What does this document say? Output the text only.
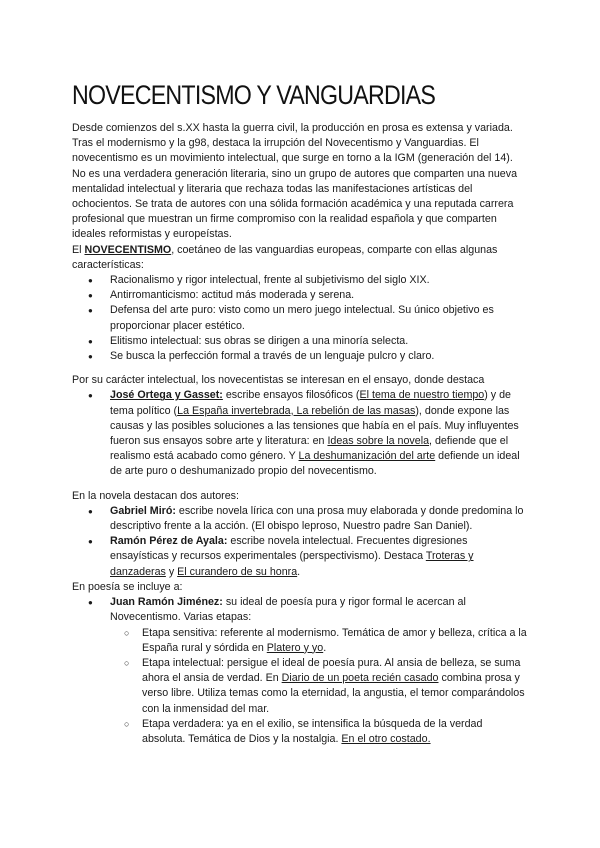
NOVECENTISMO Y VANGUARDIAS

Desde comienzos del s.XX hasta la guerra civil, la producción en prosa es extensa y variada. Tras el modernismo y la g98, destaca la irrupción del Novecentismo y Vanguardias. El novecentismo es un movimiento intelectual, que surge en torno a la IGM (generación del 14). No es una verdadera generación literaria, sino un grupo de autores que comparten una nueva mentalidad intelectual y literaria que rechaza todas las manifestaciones artísticas del ochocientos. Se trata de autores con una sólida formación académica y una reputada carrera profesional que muestran un firme compromiso con la realidad española y que comparten ideales reformistas y europeístas.

El NOVECENTISMO, coetáneo de las vanguardias europeas, comparte con ellas algunas características:

● Racionalismo y rigor intelectual, frente al subjetivismo del siglo XIX.
● Antirromanticismo: actitud más moderada y serena.
● Defensa del arte puro: visto como un mero juego intelectual. Su único objetivo es proporcionar placer estético.
● Elitismo intelectual: sus obras se dirigen a una minoría selecta.
● Se busca la perfección formal a través de un lenguaje pulcro y claro.

Por su carácter intelectual, los novecentistas se interesan en el ensayo, donde destaca

● José Ortega y Gasset: escribe ensayos filosóficos (El tema de nuestro tiempo) y de tema político (La España invertebrada, La rebelión de las masas), donde expone las causas y las posibles soluciones a las tensiones que había en el país. Muy influyentes fueron sus ensayos sobre arte y literatura: en Ideas sobre la novela, defiende que el realismo está acabado como género. Y La deshumanización del arte defiende un ideal de arte puro o deshumanizado propio del novecentismo.

En la novela destacan dos autores:

● Gabriel Miró: escribe novela lírica con una prosa muy elaborada y donde predomina lo descriptivo frente a la acción. (El obispo leproso, Nuestro padre San Daniel).
● Ramón Pérez de Ayala: escribe novela intelectual. Frecuentes digresiones ensayísticas y recursos experimentales (perspectivismo). Destaca Troteras y danzaderas y El curandero de su honra.

En poesía se incluye a:

● Juan Ramón Jiménez: su ideal de poesía pura y rigor formal le acercan al Novecentismo. Varias etapas:
○ Etapa sensitiva: referente al modernismo. Temática de amor y belleza, crítica a la España rural y sórdida en Platero y yo.
○ Etapa intelectual: persigue el ideal de poesía pura. Al ansia de belleza, se suma ahora el ansia de verdad. En Diario de un poeta recién casado combina prosa y verso libre. Utiliza temas como la eternidad, la angustia, el temor comparándolos con la inmensidad del mar.
○ Etapa verdadera: ya en el exilio, se intensifica la búsqueda de la verdad absoluta. Temática de Dios y la nostalgia. En el otro costado.
